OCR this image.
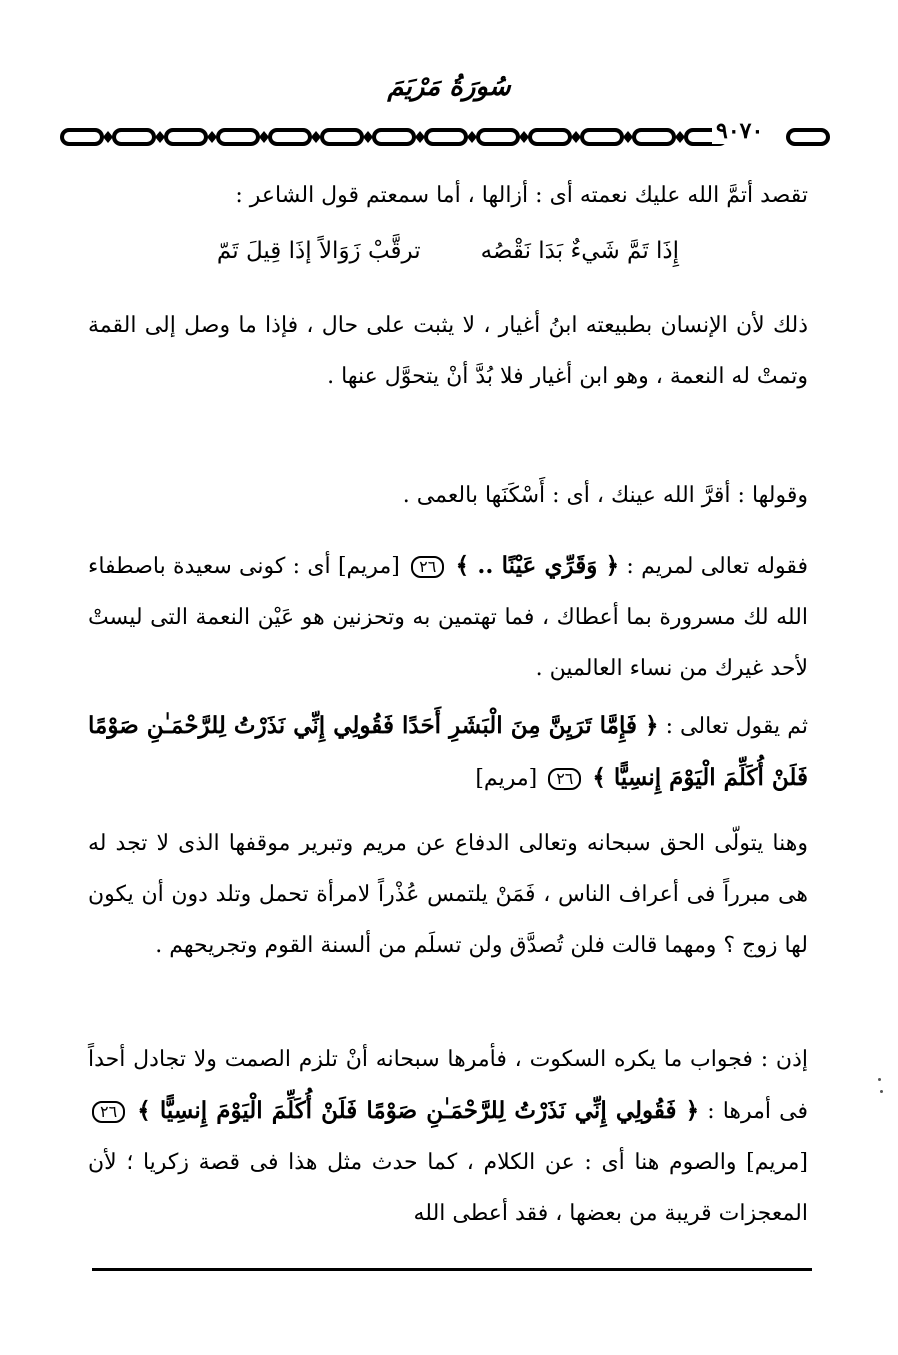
سُورَةُ مَرْيَمَ
٩٠٧٠

تقصد أتمَّ الله عليك نعمته أى : أزالها ، أما سمعتم قول الشاعر :

إِذَا تَمَّ شَيءٌ بَدَا نَقْصُه
ترقَّبْ زَوَالاً إذَا قِيلَ تَمّ

ذلك لأن الإنسان بطبيعته ابنُ أغيار ، لا يثبت على حال ، فإذا ما وصل إلى القمة وتمتْ له النعمة ، وهو ابن أغيار فلا بُدَّ أنْ يتحوَّل عنها .

وقولها : أقرَّ الله عينك ، أى : أَسْكَنَها بالعمى .

فقوله تعالى لمريم : ﴿ وَقَرِّي عَيْنًا .. ﴾ ٢٦ [مريم] أى : كونى سعيدة باصطفاء الله لك مسرورة بما أعطاك ، فما تهتمين به وتحزنين هو عَيْن النعمة التى ليستْ لأحد غيرك من نساء العالمين .

ثم يقول تعالى : ﴿ فَإِمَّا تَرَيِنَّ مِنَ الْبَشَرِ أَحَدًا فَقُولِي إِنِّي نَذَرْتُ لِلرَّحْمَـٰنِ صَوْمًا فَلَنْ أُكَلِّمَ الْيَوْمَ إِنسِيًّا ﴾ ٢٦ [مريم]

وهنا يتولّى الحق سبحانه وتعالى الدفاع عن مريم وتبرير موقفها الذى لا تجد له هى مبرراً فى أعراف الناس ، فَمَنْ يلتمس عُذْراً لامرأة تحمل وتلد دون أن يكون لها زوج ؟ ومهما قالت فلن تُصدَّق ولن تسلَم من ألسنة القوم وتجريحهم .

إذن : فجواب ما يكره السكوت ، فأمرها سبحانه أنْ تلزم الصمت ولا تجادل أحداً فى أمرها : ﴿ فَقُولِي إِنِّي نَذَرْتُ لِلرَّحْمَـٰنِ صَوْمًا فَلَنْ أُكَلِّمَ الْيَوْمَ إِنسِيًّا ﴾ ٢٦ [مريم] والصوم هنا أى : عن الكلام ، كما حدث مثل هذا فى قصة زكريا ؛ لأن المعجزات قريبة من بعضها ، فقد أعطى الله
